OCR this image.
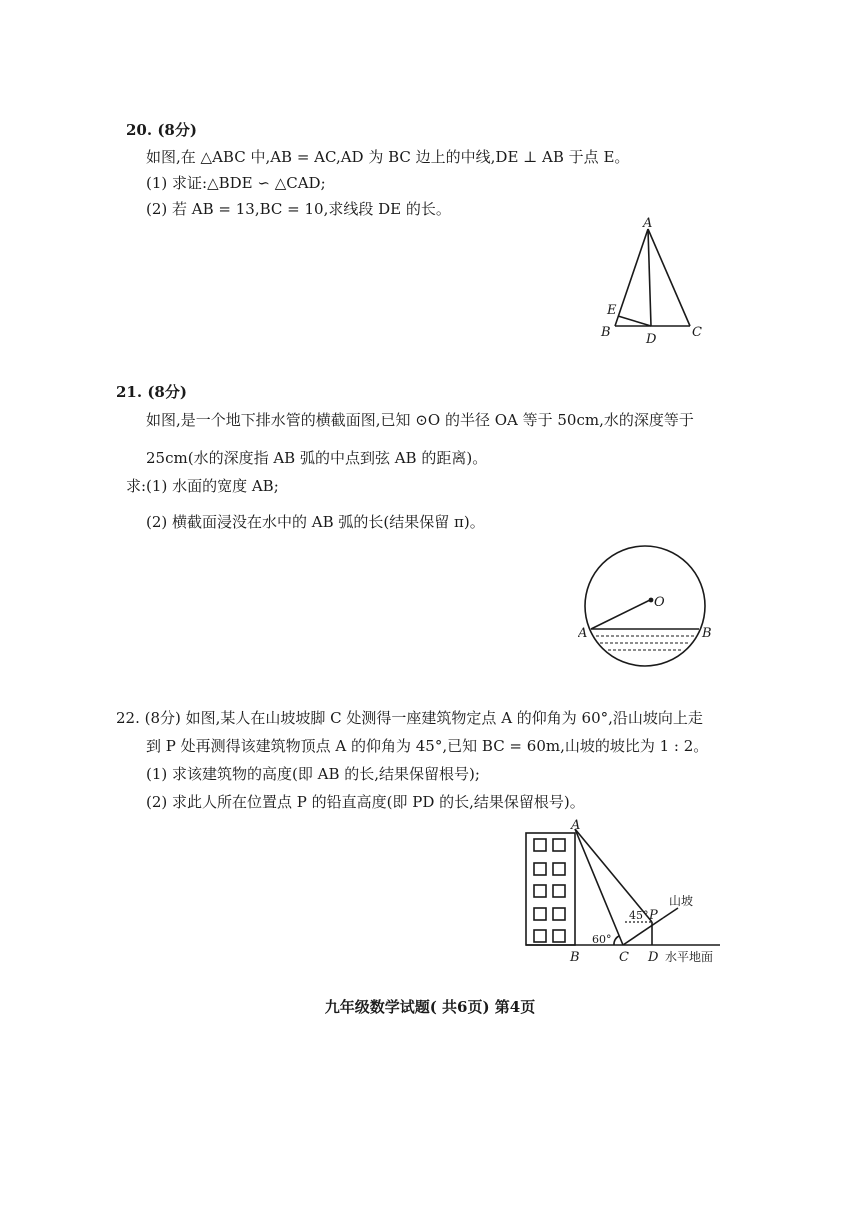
20. (8分)
如图,在 △ABC 中,AB = AC,AD 为 BC 边上的中线,DE ⊥ AB 于点 E。
(1) 求证:△BDE ∽ △CAD;
(2) 若 AB = 13,BC = 10,求线段 DE 的长。
A
B	C
D
E
21. (8分)
如图,是一个地下排水管的横截面图,已知 ⊙O 的半径 OA 等于 50cm,水的深度等于
25cm(水的深度指 AB 弧的中点到弦 AB 的距离)。
求:(1) 水面的宽度 AB;
(2) 横截面浸没在水中的 AB 弧的长(结果保留 π)。
O
A	B
22. (8分) 如图,某人在山坡坡脚 C 处测得一座建筑物定点 A 的仰角为 60°,沿山坡向上走
到 P 处再测得该建筑物顶点 A 的仰角为 45°,已知 BC = 60m,山坡的坡比为 1 : 2。
(1) 求该建筑物的高度(即 AB 的长,结果保留根号);
(2) 求此人所在位置点 P 的铅直高度(即 PD 的长,结果保留根号)。
A
B	C D
P
山坡
水平地面
60°
45°
九年级数学试题( 共6页) 第4页
